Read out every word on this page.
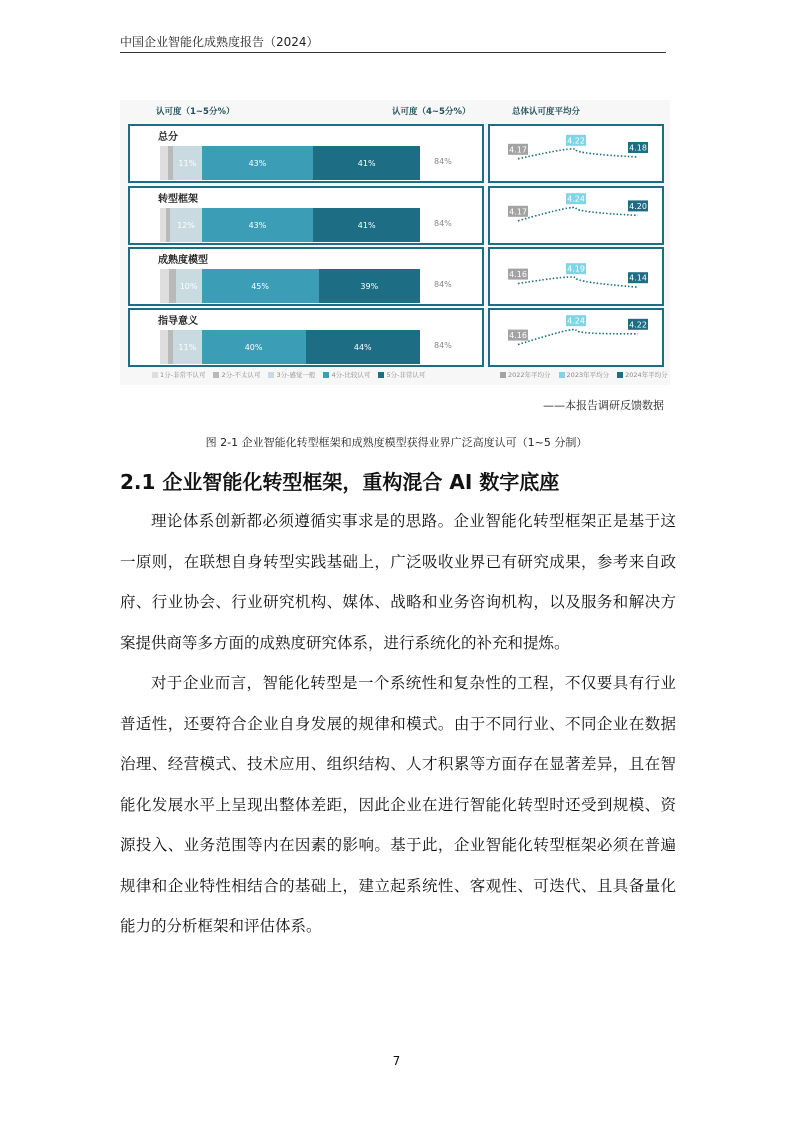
中国企业智能化成熟度报告（2024）
认可度（1~5分%）	认可度（4~5分%）	总体认可度平均分
总分
11%	43%	41%	84%
4.17
4.22
4.18
转型框架
12%	43%	41%	84%
4.17
4.24
4.20
成熟度模型
10%	45%	39%	84%
4.16
4.19
4.14
指导意义
11%	40%	44%	84%
4.16
4.24	4.22
1分-非常不认可	2分-不太认可	3分-感觉一般	4分-比较认可	5分-非常认可	2022年平均分	2023年平均分	2024年平均分
——本报告调研反馈数据
图 2-1 企业智能化转型框架和成熟度模型获得业界广泛高度认可（1~5 分制）
2.1 企业智能化转型框架，重构混合 AI 数字底座
理论体系创新都必须遵循实事求是的思路。企业智能化转型框架正是基于这一原则，在联想自身转型实践基础上，广泛吸收业界已有研究成果，参考来自政府、行业协会、行业研究机构、媒体、战略和业务咨询机构，以及服务和解决方案提供商等多方面的成熟度研究体系，进行系统化的补充和提炼。
对于企业而言，智能化转型是一个系统性和复杂性的工程，不仅要具有行业普适性，还要符合企业自身发展的规律和模式。由于不同行业、不同企业在数据治理、经营模式、技术应用、组织结构、人才积累等方面存在显著差异，且在智能化发展水平上呈现出整体差距，因此企业在进行智能化转型时还受到规模、资源投入、业务范围等内在因素的影响。基于此，企业智能化转型框架必须在普遍规律和企业特性相结合的基础上，建立起系统性、客观性、可迭代、且具备量化能力的分析框架和评估体系。
7
